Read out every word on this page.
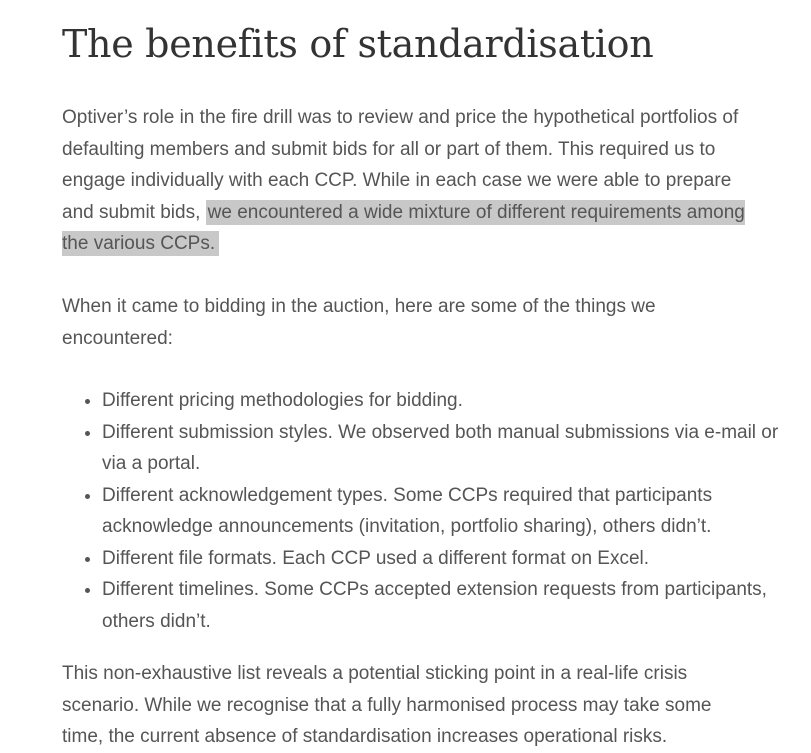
The benefits of standardisation

Optiver’s role in the fire drill was to review and price the hypothetical portfolios of defaulting members and submit bids for all or part of them. This required us to engage individually with each CCP. While in each case we were able to prepare and submit bids, we encountered a wide mixture of different requirements among the various CCPs.

When it came to bidding in the auction, here are some of the things we encountered:

• Different pricing methodologies for bidding.
• Different submission styles. We observed both manual submissions via e-mail or via a portal.
• Different acknowledgement types. Some CCPs required that participants acknowledge announcements (invitation, portfolio sharing), others didn’t.
• Different file formats. Each CCP used a different format on Excel.
• Different timelines. Some CCPs accepted extension requests from participants, others didn’t.

This non-exhaustive list reveals a potential sticking point in a real-life crisis scenario. While we recognise that a fully harmonised process may take some time, the current absence of standardisation increases operational risks.
